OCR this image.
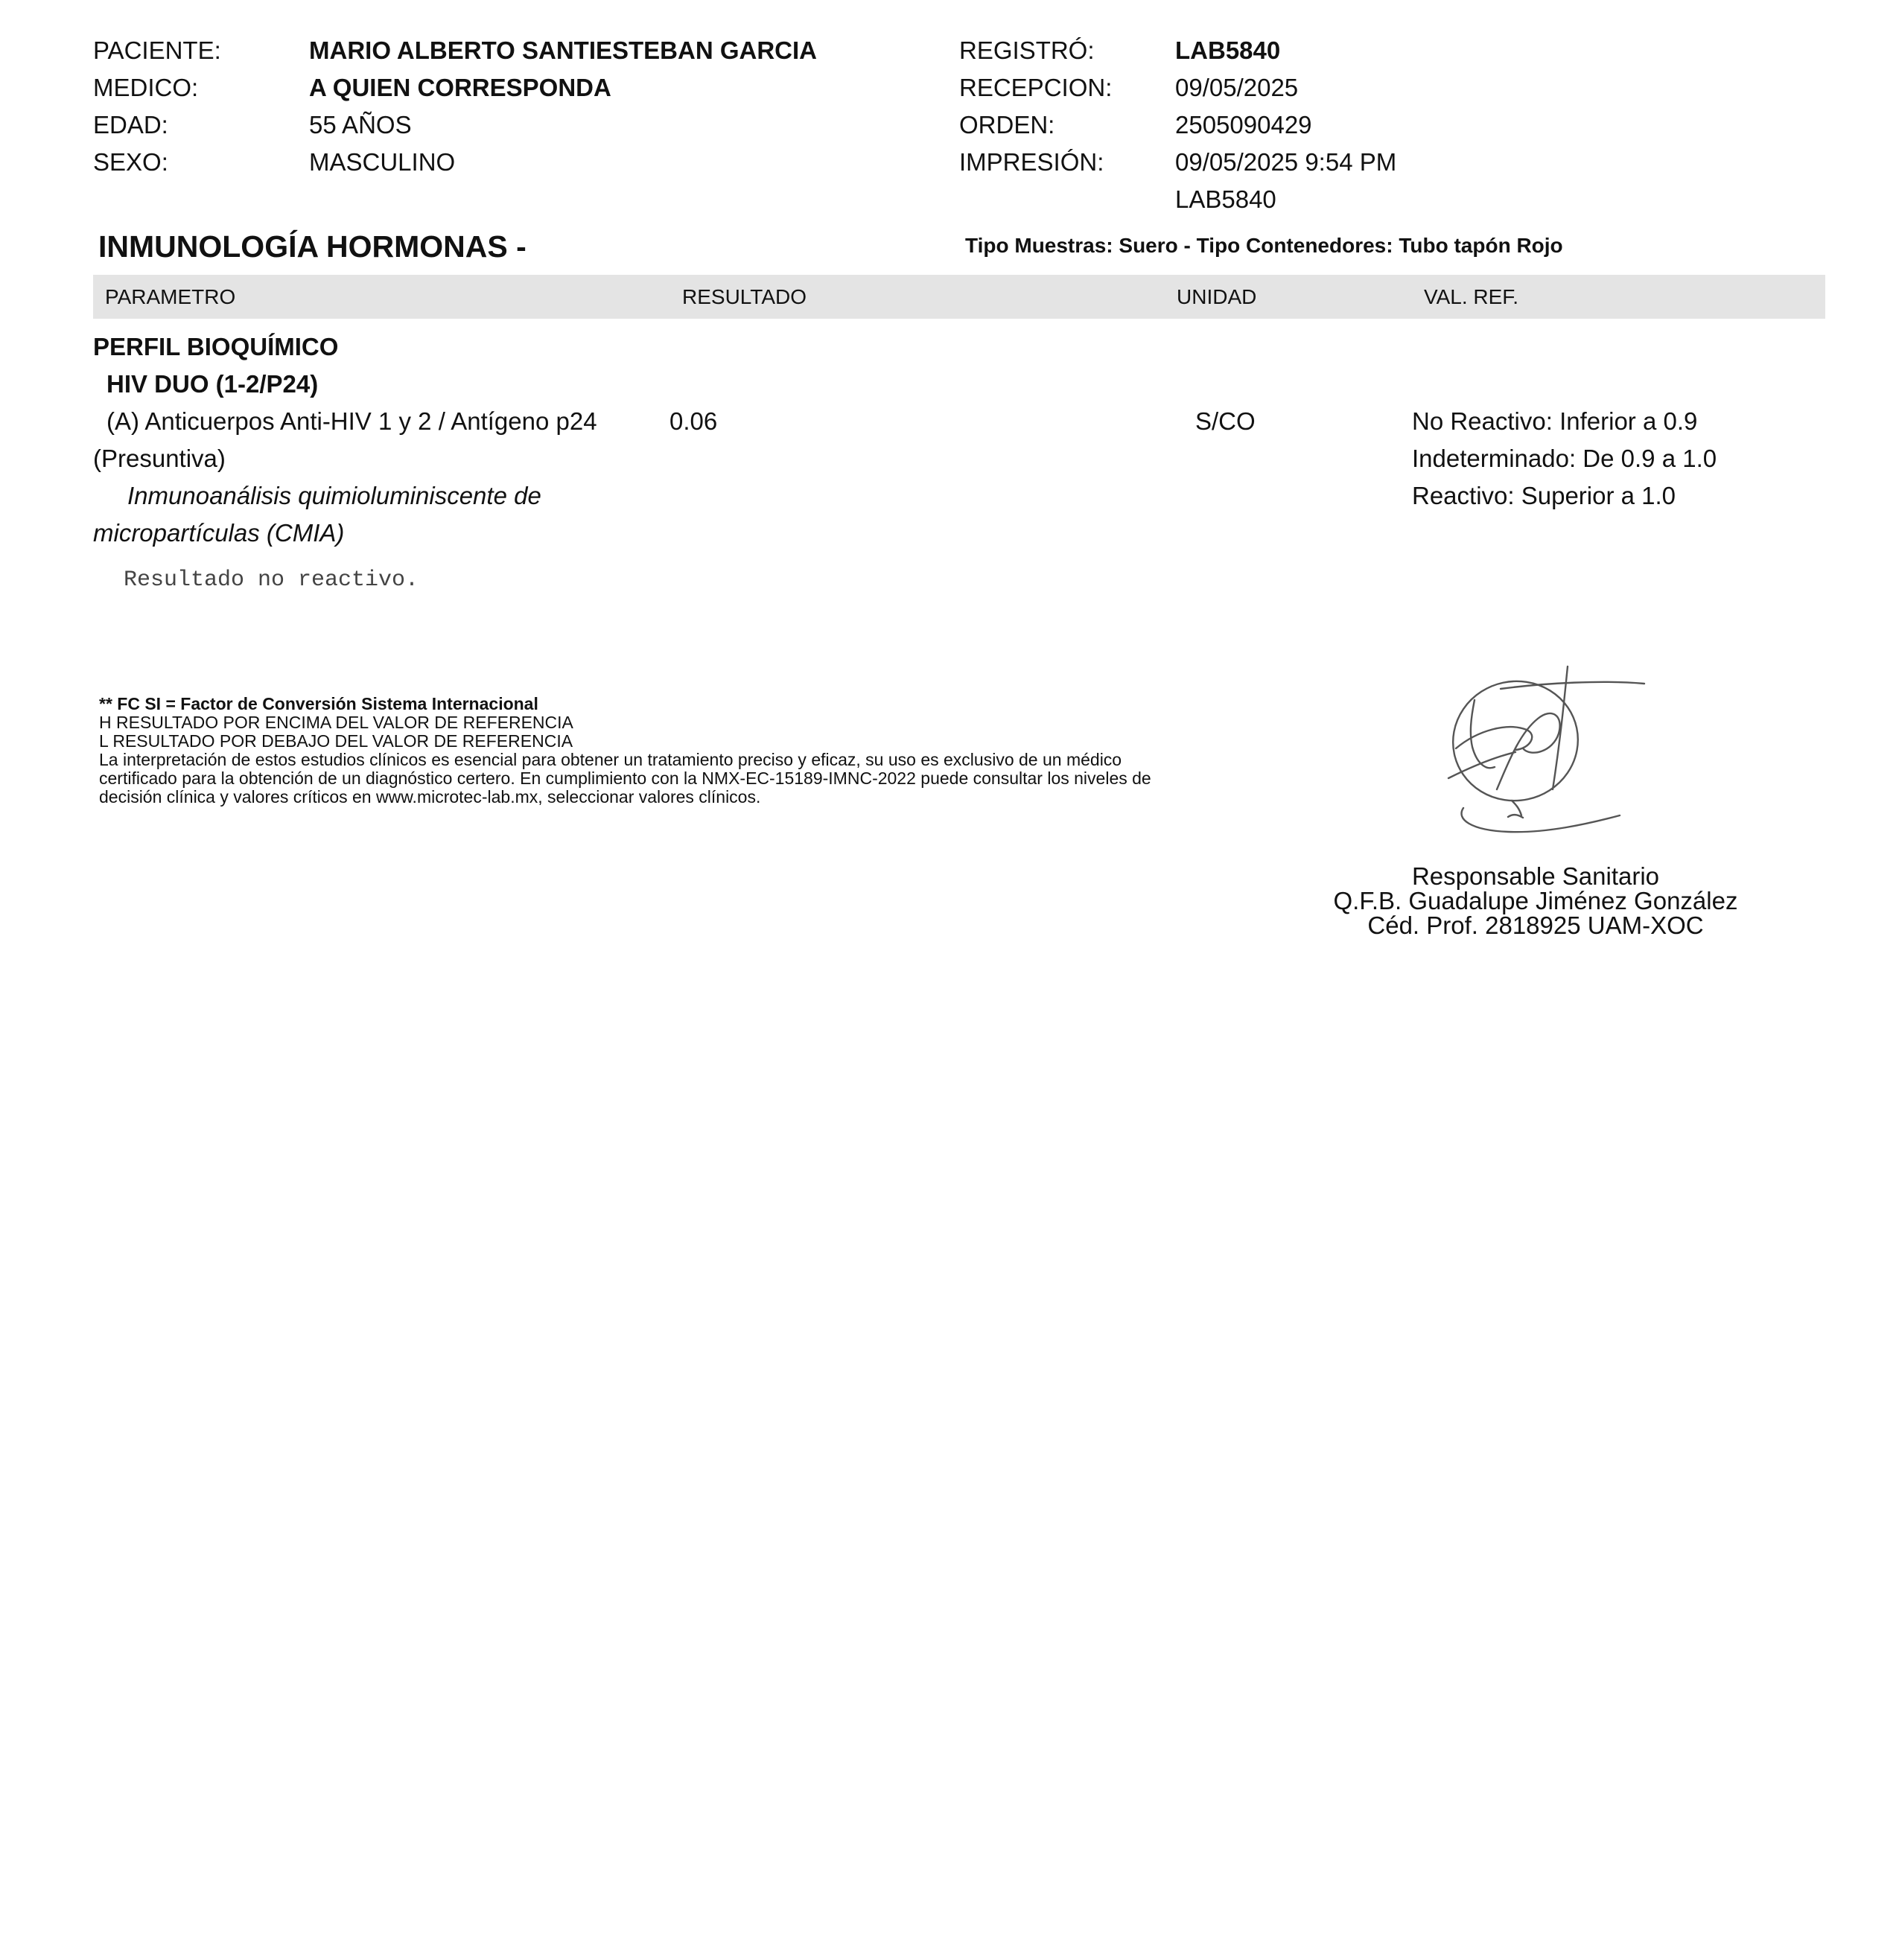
PACIENTE:	MARIO ALBERTO SANTIESTEBAN GARCIA
MEDICO:	A QUIEN CORRESPONDA
EDAD:	55 AÑOS
SEXO:	MASCULINO
REGISTRÓ:	LAB5840
RECEPCION:	09/05/2025
ORDEN:	2505090429
IMPRESIÓN:	09/05/2025 9:54 PM
LAB5840
INMUNOLOGÍA HORMONAS -	Tipo Muestras: Suero - Tipo Contenedores: Tubo tapón Rojo
PARAMETRO	RESULTADO	UNIDAD	VAL. REF.
PERFIL BIOQUÍMICO
HIV DUO (1-2/P24)
(A) Anticuerpos Anti-HIV 1 y 2 / Antígeno p24
(Presuntiva)
Inmunoanálisis quimioluminiscente de
micropartículas (CMIA)
0.06	S/CO	No Reactivo: Inferior a 0.9
Indeterminado: De 0.9 a 1.0
Reactivo: Superior a 1.0
Resultado no reactivo.
** FC SI = Factor de Conversión Sistema Internacional
H RESULTADO POR ENCIMA DEL VALOR DE REFERENCIA
L RESULTADO POR DEBAJO DEL VALOR DE REFERENCIA
La interpretación de estos estudios clínicos es esencial para obtener un tratamiento preciso y eficaz, su uso es exclusivo de un médico
certificado para la obtención de un diagnóstico certero. En cumplimiento con la NMX-EC-15189-IMNC-2022 puede consultar los niveles de
decisión clínica y valores críticos en www.microtec-lab.mx, seleccionar valores clínicos.
Responsable Sanitario
Q.F.B. Guadalupe Jiménez González
Céd. Prof. 2818925 UAM-XOC
